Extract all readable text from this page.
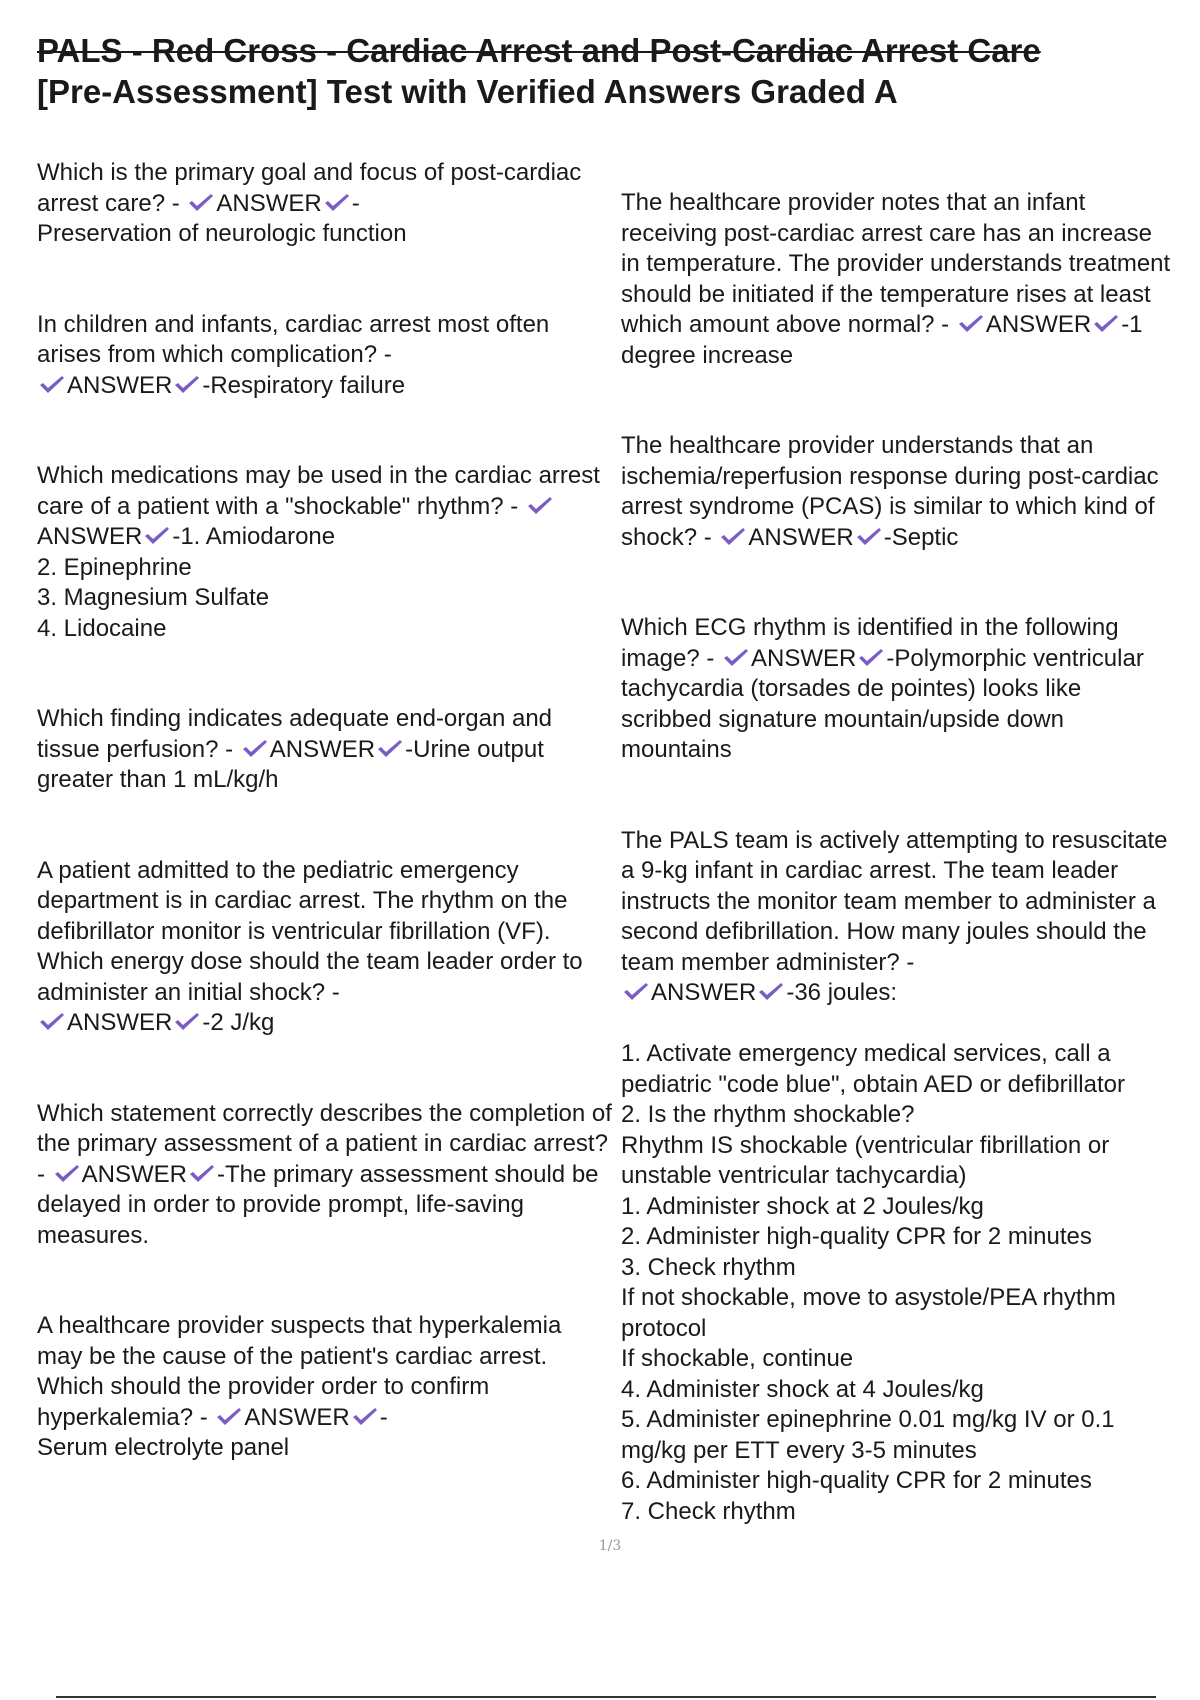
PALS - Red Cross - Cardiac Arrest and Post-Cardiac Arrest Care
[Pre-Assessment] Test with Verified Answers Graded A

Which is the primary goal and focus of post-cardiac arrest care? -
ANSWER -
Preservation of neurologic function

In children and infants, cardiac arrest most often arises from which complication? -

ANSWER -Respiratory failure

Which medications may be used in the cardiac arrest care of a patient with a "shockable" rhythm? -
ANSWER -1. Amiodarone
2. Epinephrine
3. Magnesium Sulfate
4. Lidocaine

Which finding indicates adequate end-organ and tissue perfusion? -
ANSWER -Urine output greater than 1 mL/kg/h

A patient admitted to the pediatric emergency department is in cardiac arrest. The rhythm on the defibrillator monitor is ventricular fibrillation (VF). Which energy dose should the team leader order to administer an initial shock? -

ANSWER -2 J/kg

Which statement correctly describes the completion of the primary assessment of a patient in cardiac arrest? -
ANSWER -The primary assessment should be delayed in order to provide prompt, life-saving measures.

A healthcare provider suspects that hyperkalemia may be the cause of the patient's cardiac arrest. Which should the provider order to confirm hyperkalemia? -
ANSWER -
Serum electrolyte panel

The healthcare provider notes that an infant receiving post-cardiac arrest care has an increase in temperature. The provider understands treatment should be initiated if the temperature rises at least which amount above normal? -
ANSWER -1 degree increase

The healthcare provider understands that an ischemia/reperfusion response during post-cardiac arrest syndrome (PCAS) is similar to which kind of shock? -
ANSWER -Septic

Which ECG rhythm is identified in the following image? -
ANSWER -Polymorphic ventricular tachycardia (torsades de pointes) looks like scribbed signature mountain/upside down mountains

The PALS team is actively attempting to resuscitate a 9-kg infant in cardiac arrest. The team leader instructs the monitor team member to administer a second defibrillation. How many joules should the team member administer? -

ANSWER -36 joules:

1. Activate emergency medical services, call a pediatric "code blue", obtain AED or defibrillator
2. Is the rhythm shockable?
Rhythm IS shockable (ventricular fibrillation or unstable ventricular tachycardia)
1. Administer shock at 2 Joules/kg
2. Administer high-quality CPR for 2 minutes
3. Check rhythm
If not shockable, move to asystole/PEA rhythm protocol
If shockable, continue
4. Administer shock at 4 Joules/kg
5. Administer epinephrine 0.01 mg/kg IV or 0.1 mg/kg per ETT every 3-5 minutes
6. Administer high-quality CPR for 2 minutes
7. Check rhythm

1/3
